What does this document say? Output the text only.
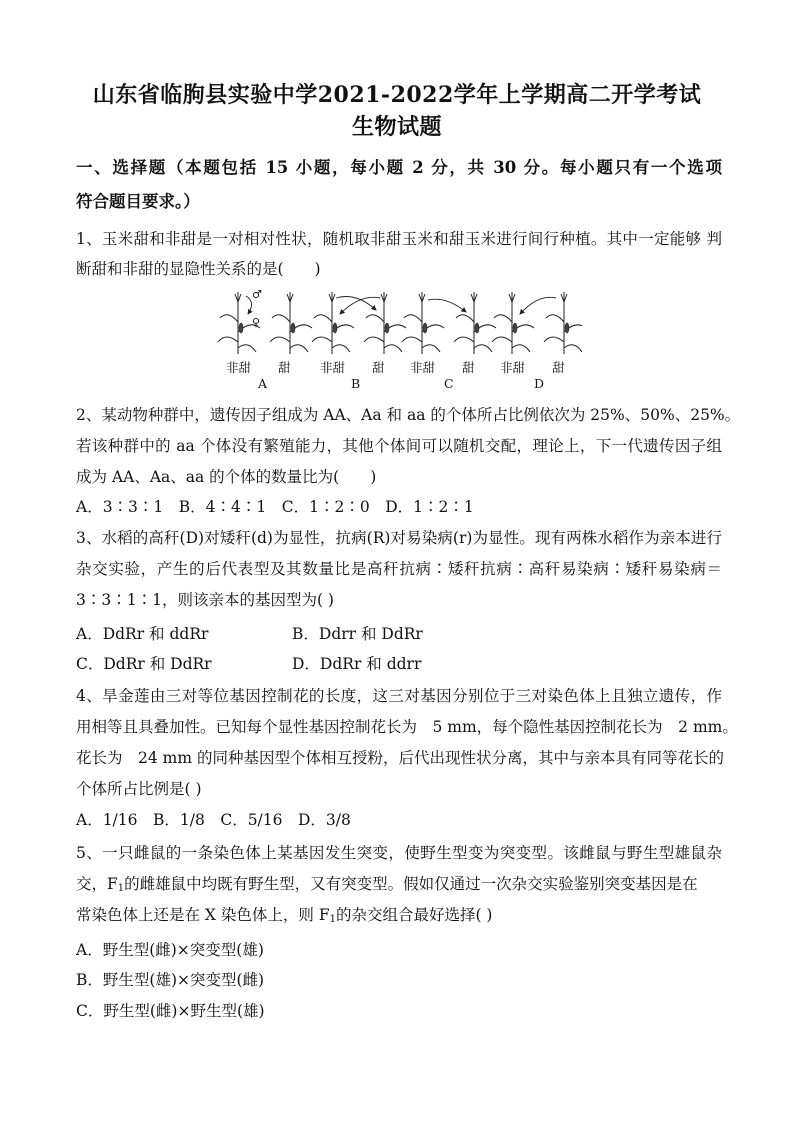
山东省临朐县实验中学2021-2022学年上学期高二开学考试
生物试题
一、选择题（本题包括 15 小题，每小题 2 分，共 30 分。每小题只有一个选项
符合题目要求。）
1、玉米甜和非甜是一对相对性状，随机取非甜玉米和甜玉米进行间行种植。其中一定能够 判
断甜和非甜的显隐性关系的是(　　)
非甜 甜
A
非甜 甜
B
非甜 甜
C
非甜 甜
D
♂
♀
2、某动物种群中，遗传因子组成为 AA、Aa 和 aa 的个体所占比例依次为 25%、50%、25%。
若该种群中的 aa 个体没有繁殖能力，其他个体间可以随机交配，理论上，下一代遗传因子组
成为 AA、Aa、aa 的个体的数量比为(　　)
A．3∶3∶1　B．4∶4∶1　C．1∶2∶0　D．1∶2∶1
3、水稻的高秆(D)对矮秆(d)为显性，抗病(R)对易染病(r)为显性。现有两株水稻作为亲本进行
杂交实验，产生的后代表型及其数量比是高秆抗病∶矮秆抗病∶高秆易染病∶矮秆易染病＝
3∶3∶1∶1，则该亲本的基因型为( )
A．DdRr 和 ddRr	B．Ddrr 和 DdRr
C．DdRr 和 DdRr	D．DdRr 和 ddrr
4、旱金莲由三对等位基因控制花的长度，这三对基因分别位于三对染色体上且独立遗传，作
用相等且具叠加性。已知每个显性基因控制花长为　5 mm，每个隐性基因控制花长为　2 mm。
花长为　24 mm 的同种基因型个体相互授粉，后代出现性状分离，其中与亲本具有同等花长的
个体所占比例是( )
A．1/16　B．1/8　C．5/16　D．3/8
5、一只雌鼠的一条染色体上某基因发生突变，使野生型变为突变型。该雌鼠与野生型雄鼠杂
交，$F_1$的雌雄鼠中均既有野生型，又有突变型。假如仅通过一次杂交实验鉴别突变基因是在
常染色体上还是在 X 染色体上，则 $F_1$的杂交组合最好选择( )
A．野生型(雌)×突变型(雄)
B．野生型(雄)×突变型(雌)
C．野生型(雌)×野生型(雄)
